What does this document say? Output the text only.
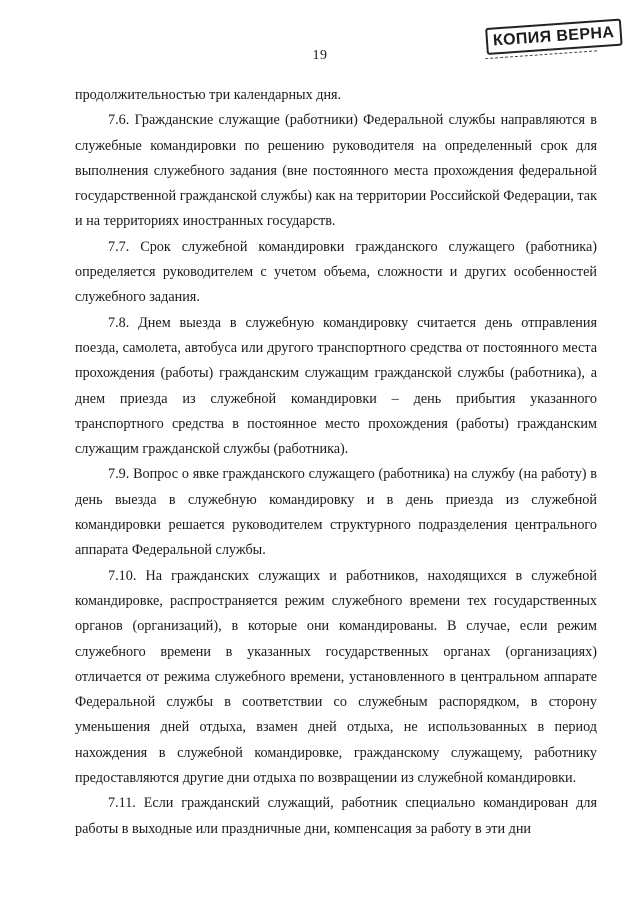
19
КОПИЯ ВЕРНА

продолжительностью три календарных дня.

7.6. Гражданские служащие (работники) Федеральной службы направляются в служебные командировки по решению руководителя на определенный срок для выполнения служебного задания (вне постоянного места прохождения федеральной государственной гражданской службы) как на территории Российской Федерации, так и на территориях иностранных государств.

7.7. Срок служебной командировки гражданского служащего (работника) определяется руководителем с учетом объема, сложности и других особенностей служебного задания.

7.8. Днем выезда в служебную командировку считается день отправления поезда, самолета, автобуса или другого транспортного средства от постоянного места прохождения (работы) гражданским служащим гражданской службы (работника), а днем приезда из служебной командировки – день прибытия указанного транспортного средства в постоянное место прохождения (работы) гражданским служащим гражданской службы (работника).

7.9. Вопрос о явке гражданского служащего (работника) на службу (на работу) в день выезда в служебную командировку и в день приезда из служебной командировки решается руководителем структурного подразделения центрального аппарата Федеральной службы.

7.10. На гражданских служащих и работников, находящихся в служебной командировке, распространяется режим служебного времени тех государственных органов (организаций), в которые они командированы. В случае, если режим служебного времени в указанных государственных органах (организациях) отличается от режима служебного времени, установленного в центральном аппарате Федеральной службы в соответствии со служебным распорядком, в сторону уменьшения дней отдыха, взамен дней отдыха, не использованных в период нахождения в служебной командировке, гражданскому служащему, работнику предоставляются другие дни отдыха по возвращении из служебной командировки.

7.11. Если гражданский служащий, работник специально командирован для работы в выходные или праздничные дни, компенсация за работу в эти дни
